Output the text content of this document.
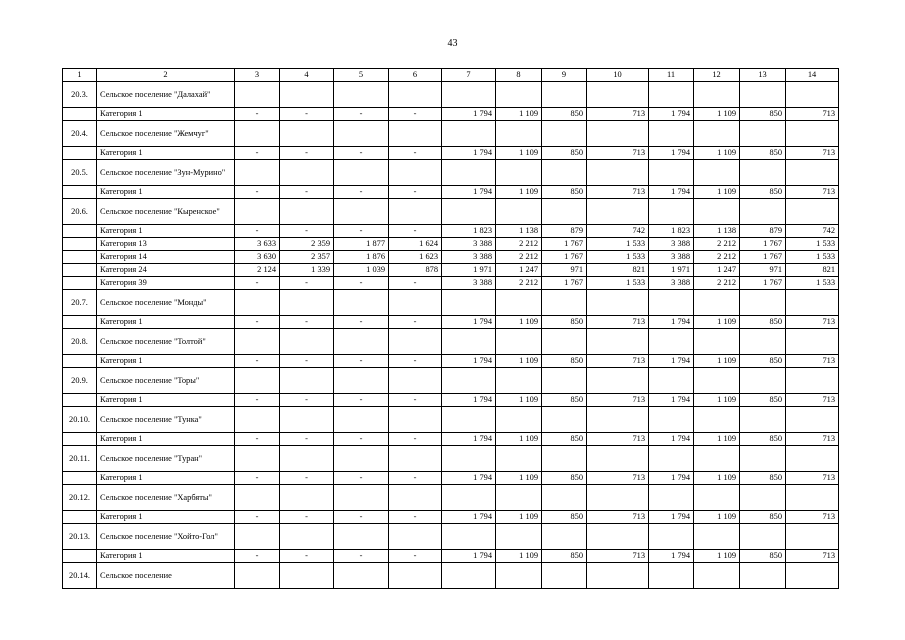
43
1	2	3	4	5	6	7	8	9	10	11	12	13	14
20.3.	Сельское поселение "Далахай"												
	Категория 1	-	-	-	-	1 794	1 109	850	713	1 794	1 109	850	713
20.4.	Сельское поселение "Жемчуг"												
	Категория 1	-	-	-	-	1 794	1 109	850	713	1 794	1 109	850	713
20.5.	Сельское поселение "Зун-Мурино"												
	Категория 1	-	-	-	-	1 794	1 109	850	713	1 794	1 109	850	713
20.6.	Сельское поселение "Кыренское"												
	Категория 1	-	-	-	-	1 823	1 138	879	742	1 823	1 138	879	742
	Категория 13	3 633	2 359	1 877	1 624	3 388	2 212	1 767	1 533	3 388	2 212	1 767	1 533
	Категория 14	3 630	2 357	1 876	1 623	3 388	2 212	1 767	1 533	3 388	2 212	1 767	1 533
	Категория 24	2 124	1 339	1 039	878	1 971	1 247	971	821	1 971	1 247	971	821
	Категория 39	-	-	-	-	3 388	2 212	1 767	1 533	3 388	2 212	1 767	1 533
20.7.	Сельское поселение "Монды"												
	Категория 1	-	-	-	-	1 794	1 109	850	713	1 794	1 109	850	713
20.8.	Сельское поселение "Толтой"												
	Категория 1	-	-	-	-	1 794	1 109	850	713	1 794	1 109	850	713
20.9.	Сельское поселение "Торы"												
	Категория 1	-	-	-	-	1 794	1 109	850	713	1 794	1 109	850	713
20.10.	Сельское поселение "Тунка"												
	Категория 1	-	-	-	-	1 794	1 109	850	713	1 794	1 109	850	713
20.11.	Сельское поселение "Туран"												
	Категория 1	-	-	-	-	1 794	1 109	850	713	1 794	1 109	850	713
20.12.	Сельское поселение "Харбяты"												
	Категория 1	-	-	-	-	1 794	1 109	850	713	1 794	1 109	850	713
20.13.	Сельское поселение "Хойто-Гол"												
	Категория 1	-	-	-	-	1 794	1 109	850	713	1 794	1 109	850	713
20.14.	Сельское поселение												
